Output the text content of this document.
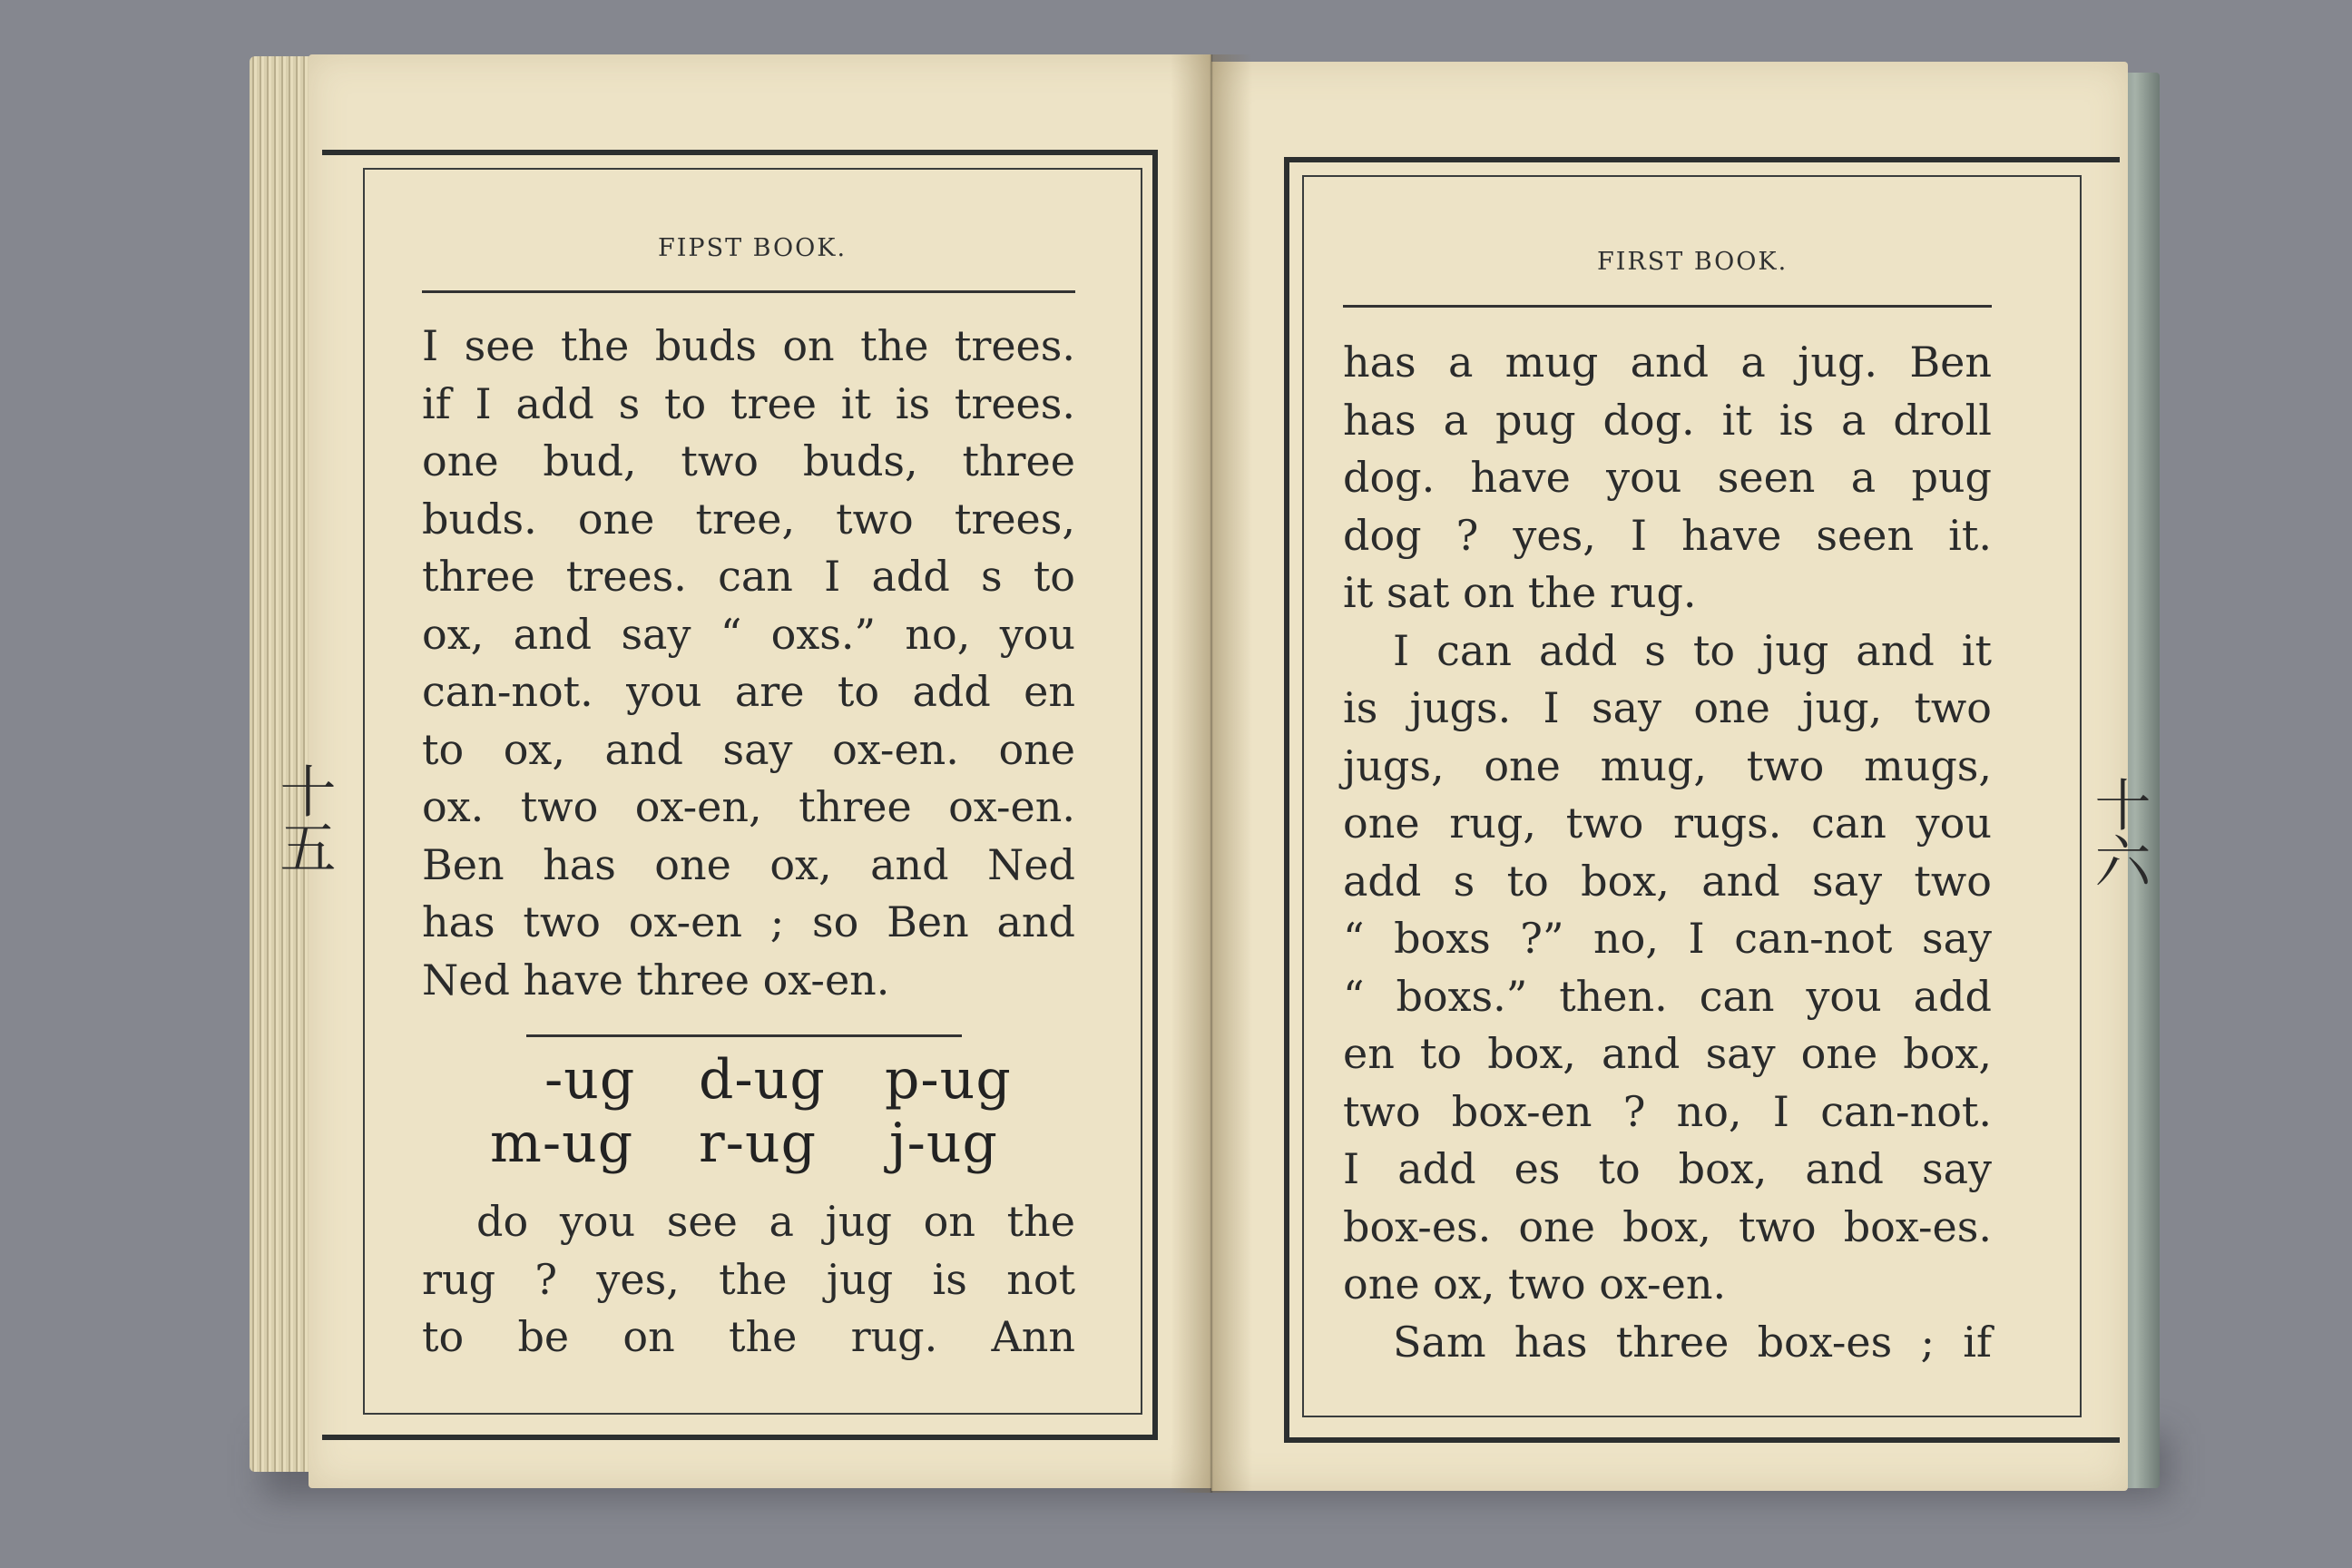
FIPST BOOK.

I see the buds on the trees.

if I add s to tree it is trees.

one bud, two buds, three

buds. one tree, two trees,

three trees. can I add s to

ox, and say “ oxs.” no, you

can-not. you are to add en

to ox, and say ox-en. one

ox. two ox-en, three ox-en.

Ben has one ox, and Ned

has two ox-en ; so Ben and

Ned have three ox-en.

-ug d-ug p-ug
m-ug r-ug j-ug

do you see a jug on the

rug ? yes, the jug is not

to be on the rug. Ann

十五
FIRST BOOK.

has a mug and a jug. Ben

has a pug dog. it is a droll

dog. have you seen a pug

dog ? yes, I have seen it.

it sat on the rug.

I can add s to jug and it

is jugs. I say one jug, two

jugs, one mug, two mugs,

one rug, two rugs. can you

add s to box, and say two

“ boxs ?” no, I can-not say

“ boxs.” then. can you add

en to box, and say one box,

two box-en ? no, I can-not.

I add es to box, and say

box-es. one box, two box-es.

one ox, two ox-en.

Sam has three box-es ; if

十六
